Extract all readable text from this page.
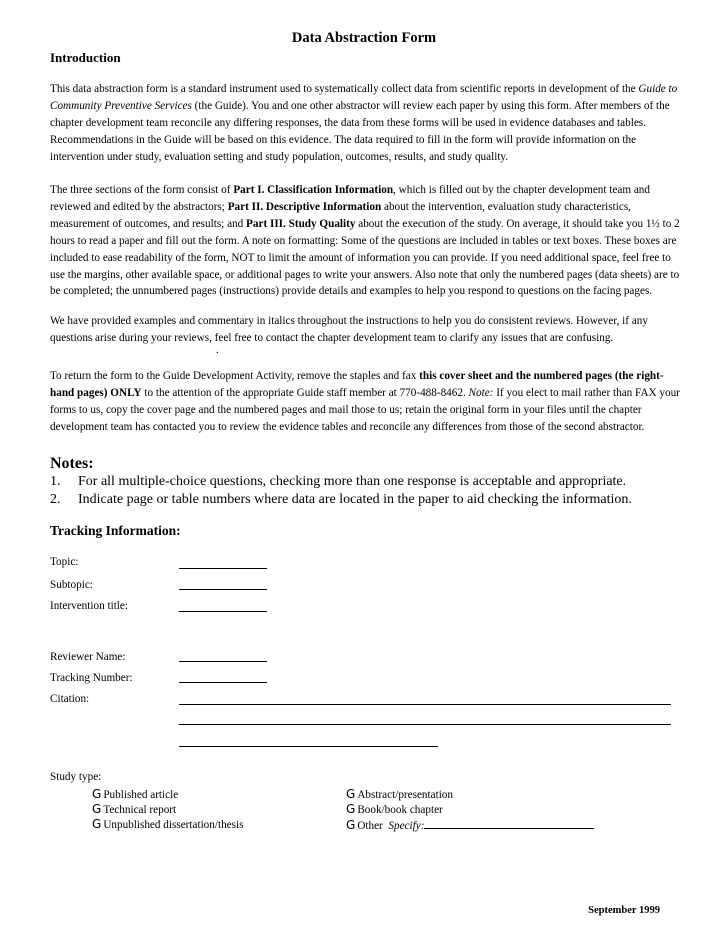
Data Abstraction Form
Introduction

This data abstraction form is a standard instrument used to systematically collect data from scientific reports in development of the Guide to Community Preventive Services (the Guide). You and one other abstractor will review each paper by using this form. After members of the chapter development team reconcile any differing responses, the data from these forms will be used in evidence databases and tables. Recommendations in the Guide will be based on this evidence. The data required to fill in the form will provide information on the intervention under study, evaluation setting and study population, outcomes, results, and study quality.

The three sections of the form consist of Part I. Classification Information, which is filled out by the chapter development team and reviewed and edited by the abstractors; Part II. Descriptive Information about the intervention, evaluation study characteristics, measurement of outcomes, and results; and Part III. Study Quality about the execution of the study. On average, it should take you 1½ to 2 hours to read a paper and fill out the form. A note on formatting: Some of the questions are included in tables or text boxes. These boxes are included to ease readability of the form, NOT to limit the amount of information you can provide. If you need additional space, feel free to use the margins, other available space, or additional pages to write your answers. Also note that only the numbered pages (data sheets) are to be completed; the unnumbered pages (instructions) provide details and examples to help you respond to questions on the facing pages.

We have provided examples and commentary in italics throughout the instructions to help you do consistent reviews. However, if any questions arise during your reviews, feel free to contact the chapter development team to clarify any issues that are confusing.

.

To return the form to the Guide Development Activity, remove the staples and fax this cover sheet and the numbered pages (the right-hand pages) ONLY to the attention of the appropriate Guide staff member at 770-488-8462. Note: If you elect to mail rather than FAX your forms to us, copy the cover page and the numbered pages and mail those to us; retain the original form in your files until the chapter development team has contacted you to review the evidence tables and reconcile any differences from those of the second abstractor.

Notes:
1. For all multiple-choice questions, checking more than one response is acceptable and appropriate.
2. Indicate page or table numbers where data are located in the paper to aid checking the information.
Tracking Information:
Topic:
Subtopic:
Intervention title:
Reviewer Name:
Tracking Number:
Citation:
Study type:
G Published article
G Technical report
G Unpublished dissertation/thesis
G Abstract/presentation
G Book/book chapter
G Other Specify:
September 1999
